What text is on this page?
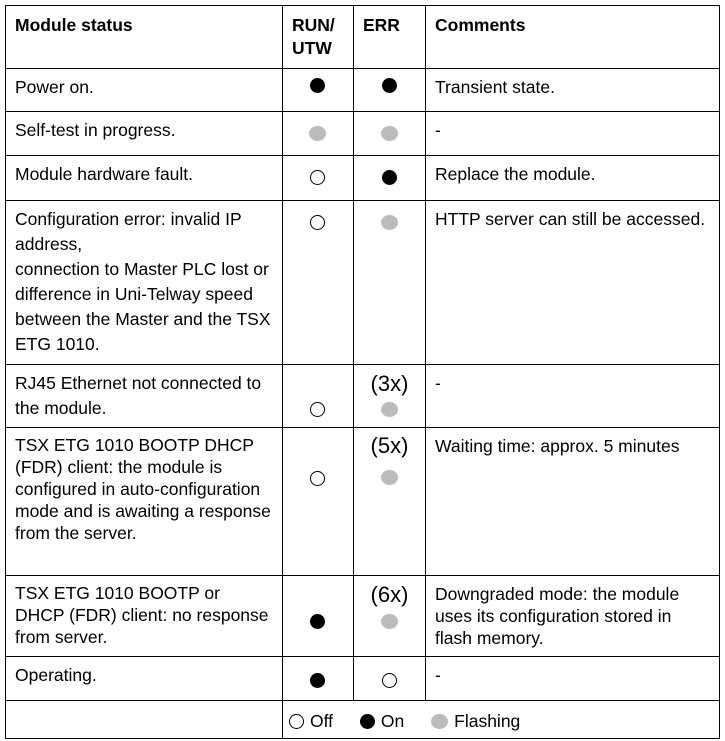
Module status	RUN/
UTW	ERR	Comments
Power on.			Transient state.
Self-test in progress.			-
Module hardware fault.			Replace the module.
Configuration error: invalid IP address,
connection to Master PLC lost or difference in Uni-Telway speed between the Master and the TSX ETG 1010.			HTTP server can still be accessed.
RJ45 Ethernet not connected to the module.		(3x)	-
TSX ETG 1010 BOOTP DHCP (FDR) client: the module is configured in auto-configuration mode and is awaiting a response from the server.		(5x)	Waiting time: approx. 5 minutes
TSX ETG 1010 BOOTP or DHCP (FDR) client: no response from server.		(6x)	Downgraded mode: the module uses its configuration stored in flash memory.
Operating.			-
	Off On Flashing		
